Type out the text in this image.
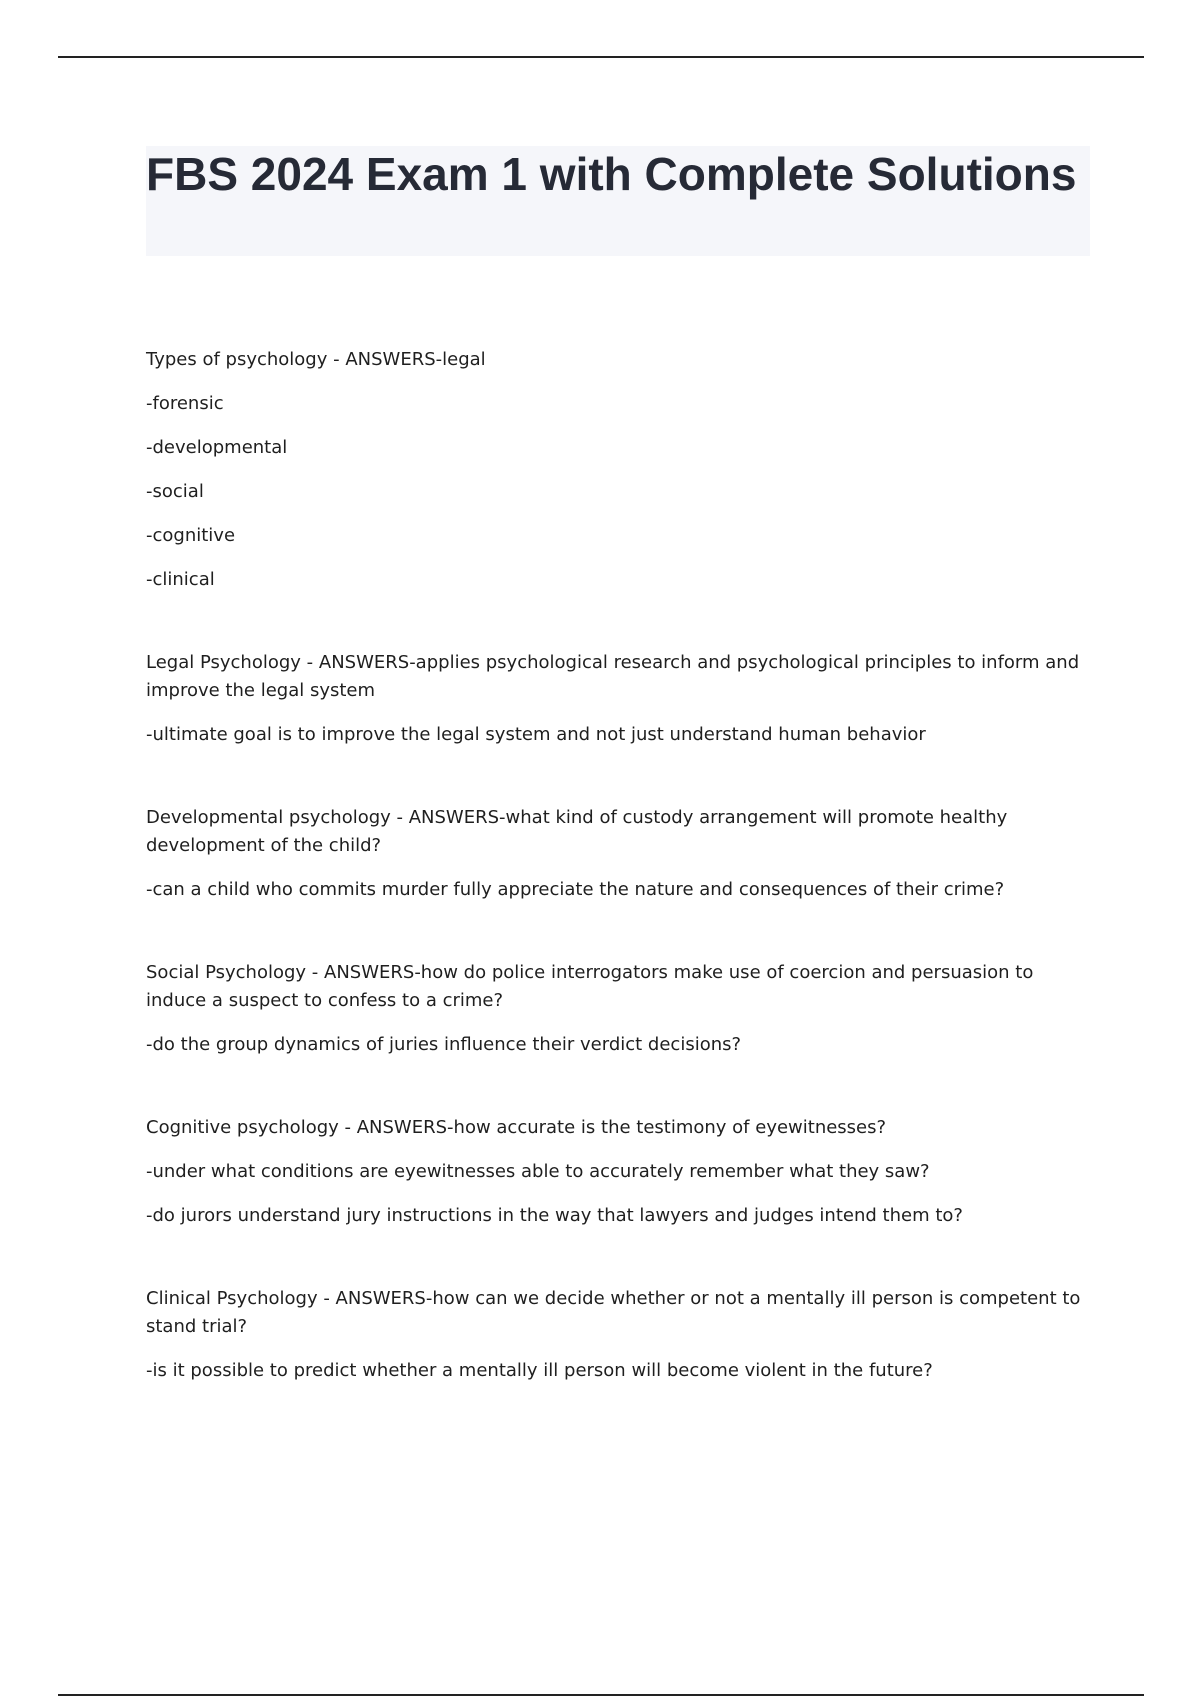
FBS 2024 Exam 1 with Complete Solutions

Types of psychology - ANSWERS-legal

-forensic

-developmental

-social

-cognitive

-clinical

Legal Psychology - ANSWERS-applies psychological research and psychological principles to inform and improve the legal system

-ultimate goal is to improve the legal system and not just understand human behavior

Developmental psychology - ANSWERS-what kind of custody arrangement will promote healthy development of the child?

-can a child who commits murder fully appreciate the nature and consequences of their crime?

Social Psychology - ANSWERS-how do police interrogators make use of coercion and persuasion to induce a suspect to confess to a crime?

-do the group dynamics of juries influence their verdict decisions?

Cognitive psychology - ANSWERS-how accurate is the testimony of eyewitnesses?

-under what conditions are eyewitnesses able to accurately remember what they saw?

-do jurors understand jury instructions in the way that lawyers and judges intend them to?

Clinical Psychology - ANSWERS-how can we decide whether or not a mentally ill person is competent to stand trial?

-is it possible to predict whether a mentally ill person will become violent in the future?
